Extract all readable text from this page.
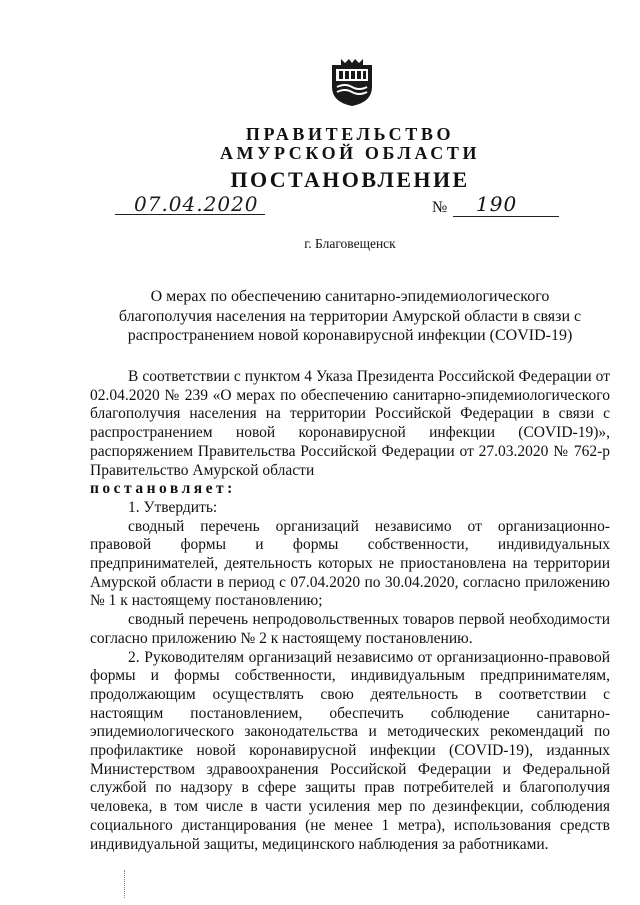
ПРАВИТЕЛЬСТВО
АМУРСКОЙ ОБЛАСТИ
ПОСТАНОВЛЕНИЕ
07.04.2020	№ 190
г. Благовещенск
О мерах по обеспечению санитарно-эпидемиологического благополучия населения на территории Амурской области в связи с распространением новой коронавирусной инфекции (COVID-19)

В соответствии с пунктом 4 Указа Президента Российской Федерации от 02.04.2020 № 239 «О мерах по обеспечению санитарно-эпидемиологического благополучия населения на территории Российской Федерации в связи с распространением новой коронавирусной инфекции (COVID-19)», распоряжением Правительства Российской Федерации от 27.03.2020 № 762-р Правительство Амурской области

постановляет:

1. Утвердить:

сводный перечень организаций независимо от организационно-правовой формы и формы собственности, индивидуальных предпринимателей, деятельность которых не приостановлена на территории Амурской области в период с 07.04.2020 по 30.04.2020, согласно приложению № 1 к настоящему постановлению;

сводный перечень непродовольственных товаров первой необходимости согласно приложению № 2 к настоящему постановлению.

2. Руководителям организаций независимо от организационно-правовой формы и формы собственности, индивидуальным предпринимателям, продолжающим осуществлять свою деятельность в соответствии с настоящим постановлением, обеспечить соблюдение санитарно-эпидемиологического законодательства и методических рекомендаций по профилактике новой коронавирусной инфекции (COVID-19), изданных Министерством здравоохранения Российской Федерации и Федеральной службой по надзору в сфере защиты прав потребителей и благополучия человека, в том числе в части усиления мер по дезинфекции, соблюдения социального дистанцирования (не менее 1 метра), использования средств индивидуальной защиты, медицинского наблюдения за работниками.
